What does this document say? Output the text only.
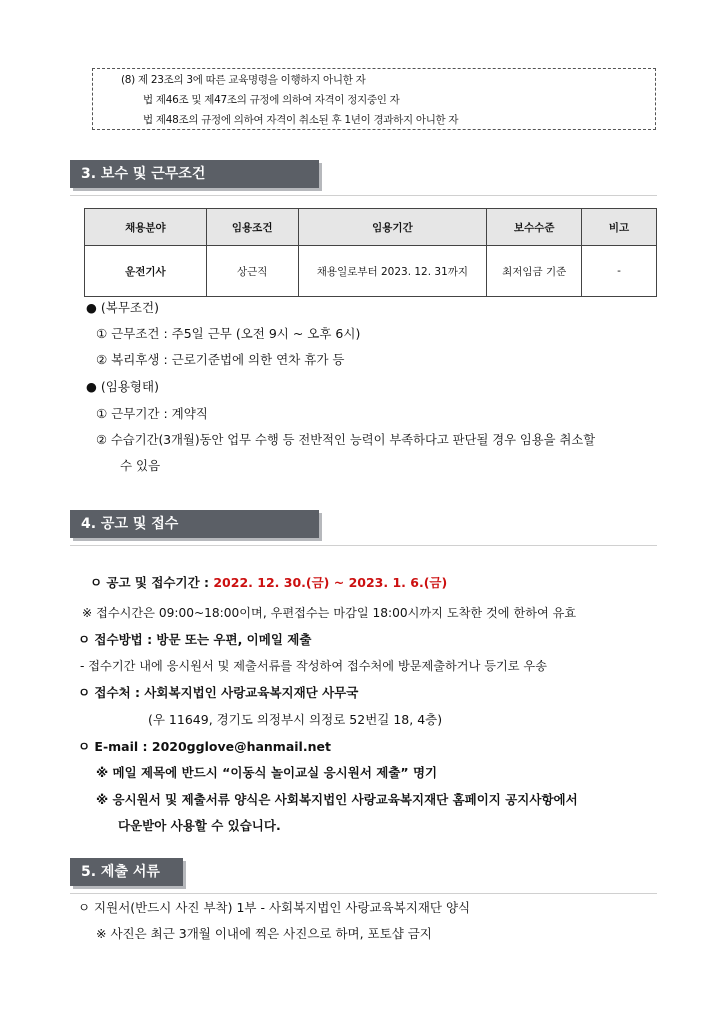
(8) 제 23조의 3에 따른 교육명령을 이행하지 아니한 자
법 제46조 및 제47조의 규정에 의하여 자격이 정지중인 자
법 제48조의 규정에 의하여 자격이 취소된 후 1년이 경과하지 아니한 자
3. 보수 및 근무조건
채용분야	임용조건	임용기간	보수수준	비고
운전기사	상근직	채용일로부터 2023. 12. 31까지	최저임금 기준	-
● (복무조건)
① 근무조건 : 주5일 근무 (오전 9시 ~ 오후 6시)
② 복리후생 : 근로기준법에 의한 연차 휴가 등
● (임용형태)
① 근무기간 : 계약직
② 수습기간(3개월)동안 업무 수행 등 전반적인 능력이 부족하다고 판단될 경우 임용을 취소할
수 있음
4. 공고 및 접수
ㅇ 공고 및 접수기간 : 2022. 12. 30.(금) ~ 2023. 1. 6.(금)
※ 접수시간은 09:00~18:00이며, 우편접수는 마감일 18:00시까지 도착한 것에 한하여 유효
ㅇ 접수방법 : 방문 또는 우편, 이메일 제출
- 접수기간 내에 응시원서 및 제출서류를 작성하여 접수처에 방문제출하거나 등기로 우송
ㅇ 접수처 : 사회복지법인 사랑교육복지재단 사무국
(우 11649, 경기도 의정부시 의정로 52번길 18, 4층)
ㅇ E-mail : 2020gglove@hanmail.net
※ 메일 제목에 반드시 “이동식 놀이교실 응시원서 제출” 명기
※ 응시원서 및 제출서류 양식은 사회복지법인 사랑교육복지재단 홈페이지 공지사항에서
다운받아 사용할 수 있습니다.
5. 제출 서류
ㅇ 지원서(반드시 사진 부착) 1부 - 사회복지법인 사랑교육복지재단 양식
※ 사진은 최근 3개월 이내에 찍은 사진으로 하며, 포토샵 금지
